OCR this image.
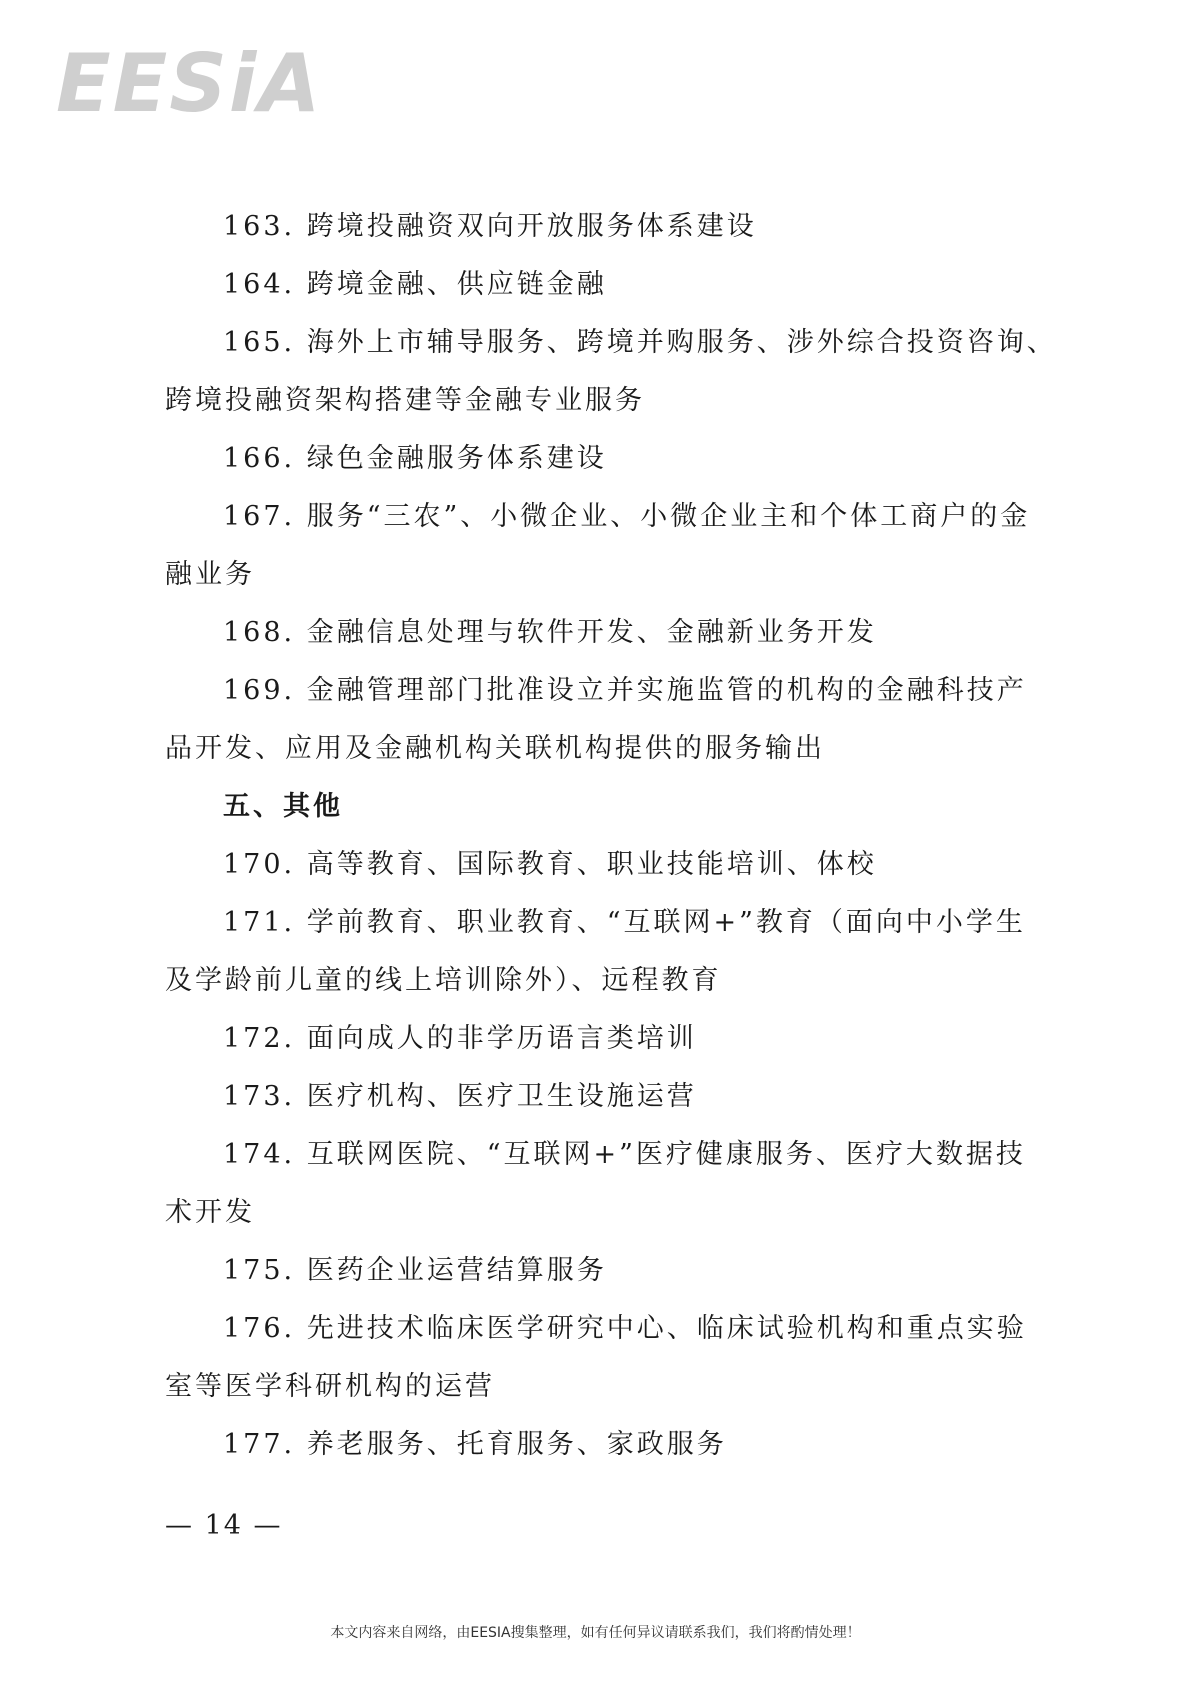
EESiA
163. 跨境投融资双向开放服务体系建设
164. 跨境金融、供应链金融
165. 海外上市辅导服务、跨境并购服务、涉外综合投资咨询、
跨境投融资架构搭建等金融专业服务
166. 绿色金融服务体系建设
167. 服务“三农”、小微企业、小微企业主和个体工商户的金
融业务
168. 金融信息处理与软件开发、金融新业务开发
169. 金融管理部门批准设立并实施监管的机构的金融科技产
品开发、应用及金融机构关联机构提供的服务输出
五、其他
170. 高等教育、国际教育、职业技能培训、体校
171. 学前教育、职业教育、“互联网+”教育（面向中小学生
及学龄前儿童的线上培训除外）、远程教育
172. 面向成人的非学历语言类培训
173. 医疗机构、医疗卫生设施运营
174. 互联网医院、“互联网+”医疗健康服务、医疗大数据技
术开发
175. 医药企业运营结算服务
176. 先进技术临床医学研究中心、临床试验机构和重点实验
室等医学科研机构的运营
177. 养老服务、托育服务、家政服务
— 14 —
本文内容来自网络，由EESIA搜集整理，如有任何异议请联系我们，我们将酌情处理！
